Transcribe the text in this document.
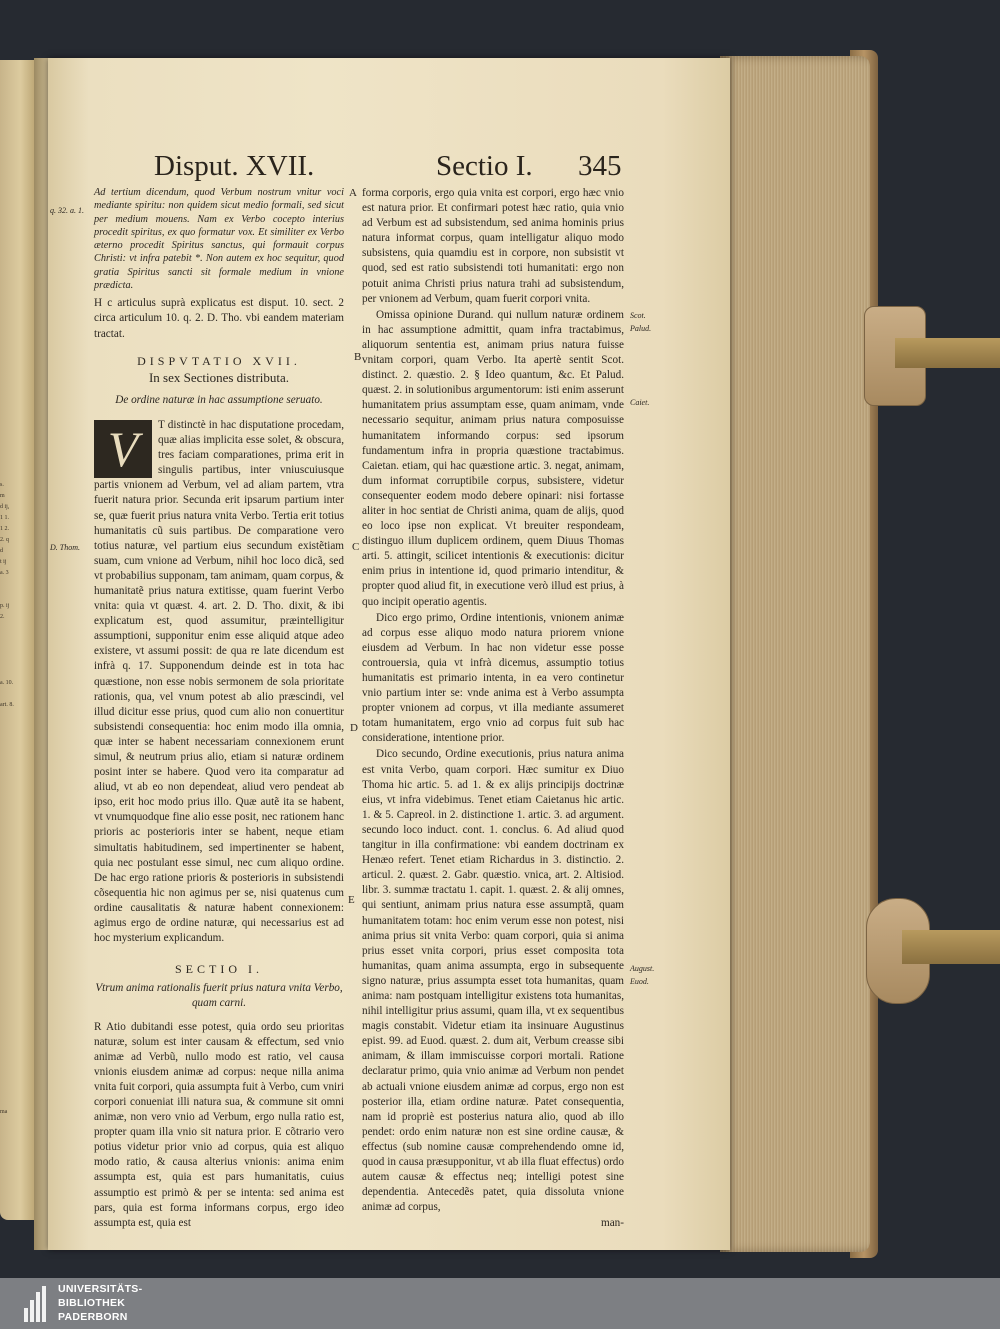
s.
m
d ij,
1 1.
1 2.
2. q
d
t ij
a. 3

p. ij
2.

a. 10.

art. 8.

ma
Disput. XVII.	Sectio I. 345

Ad tertium dicendum, quod Verbum nostrum vnitur voci mediante spiritu: non quidem sicut medio formali, sed sicut per medium mouens. Nam ex Verbo cocepto interius procedit spiritus, ex quo formatur vox. Et similiter ex Verbo æterno procedit Spiritus sanctus, qui formauit corpus Christi: vt infra patebit *. Non autem ex hoc sequitur, quod gratia Spiritus sancti sit formale medium in vnione prædicta.

H c articulus suprà explicatus est disput. 10. sect. 2 circa articulum 10. q. 2. D. Tho. vbi eandem materiam tractat.

DISPVTATIO XVII.

In sex Sectiones distributa.

De ordine naturæ in hac assumptione seruato.

V	T distinctè in hac disputatione procedam, quæ alias implicita esse solet, & obscura, tres faciam comparationes, prima erit in singulis partibus, inter vniuscuiusque partis vnionem ad Verbum, vel ad aliam partem, vtra fuerit natura prior. Secunda erit ipsarum partium inter se, quæ fuerit prius natura vnita Verbo. Tertia erit totius humanitatis cũ suis partibus. De comparatione vero totius naturæ, vel partium eius secundum existẽtiam suam, cum vnione ad Verbum, nihil hoc loco dicã, sed vt probabilius supponam, tam animam, quam corpus, & humanitatẽ prius natura extitisse, quam fuerint Verbo vnita: quia vt quæst. 4. art. 2. D. Tho. dixit, & ibi explicatum est, quod assumitur, præintelligitur assumptioni, supponitur enim esse aliquid atque adeo existere, vt assumi possit: de qua re late dicendum est infrà q. 17. Supponendum deinde est in tota hac quæstione, non esse nobis sermonem de sola prioritate rationis, qua, vel vnum potest ab alio præscindi, vel illud dicitur esse prius, quod cum alio non conuertitur subsistendi consequentia: hoc enim modo illa omnia, quæ inter se habent necessariam connexionem erunt simul, & neutrum prius alio, etiam si naturæ ordinem posint inter se habere. Quod vero ita comparatur ad aliud, vt ab eo non dependeat, aliud vero pendeat ab ipso, erit hoc modo prius illo. Quæ autẽ ita se habent, vt vnumquodque fine alio esse posit, nec rationem hanc prioris ac posterioris inter se habent, neque etiam simultatis habitudinem, sed impertinenter se habent, quia nec postulant esse simul, nec cum aliquo ordine. De hac ergo ratione prioris & posterioris in subsistendi cõsequentia hic non agimus per se, nisi quatenus cum ordine causalitatis & naturæ habent connexionem: agimus ergo de ordine naturæ, qui necessarius est ad hoc mysterium explicandum.

SECTIO I.

Vtrum anima rationalis fuerit prius natura vnita Verbo, quam carni.

R Atio dubitandi esse potest, quia ordo seu prioritas naturæ, solum est inter causam & effectum, sed vnio animæ ad Verbũ, nullo modo est ratio, vel causa vnionis eiusdem animæ ad corpus: neque nilla anima vnita fuit corpori, quia assumpta fuit à Verbo, cum vniri corpori conueniat illi natura sua, & commune sit omni animæ, non vero vnio ad Verbum, ergo nulla ratio est, propter quam illa vnio sit natura prior. E cõtrario vero potius videtur prior vnio ad corpus, quia est aliquo modo ratio, & causa alterius vnionis: anima enim assumpta est, quia est pars humanitatis, cuius assumptio est primò & per se intenta: sed anima est pars, quia est forma informans corpus, ergo ideo assumpta est, quia est

forma corporis, ergo quia vnita est corpori, ergo hæc vnio est natura prior. Et confirmari potest hæc ratio, quia vnio ad Verbum est ad subsistendum, sed anima hominis prius natura informat corpus, quam intelligatur aliquo modo subsistens, quia quamdiu est in corpore, non subsistit vt quod, sed est ratio subsistendi toti humanitati: ergo non potuit anima Christi prius natura trahi ad subsistendum, per vnionem ad Verbum, quam fuerit corpori vnita.

Omissa opinione Durand. qui nullum naturæ ordinem in hac assumptione admittit, quam infra tractabimus, aliquorum sententia est, animam prius natura fuisse vnitam corpori, quam Verbo. Ita apertè sentit Scot. distinct. 2. quæstio. 2. § Ideo quantum, &c. Et Palud. quæst. 2. in solutionibus argumentorum: isti enim asserunt humanitatem prius assumptam esse, quam animam, vnde necessario sequitur, animam prius natura composuisse humanitatem informando corpus: sed ipsorum fundamentum infra in propria quæstione tractabimus. Caietan. etiam, qui hac quæstione artic. 3. negat, animam, dum informat corruptibile corpus, subsistere, videtur consequenter eodem modo debere opinari: nisi fortasse aliter in hoc sentiat de Christi anima, quam de alijs, quod eo loco ipse non explicat. Vt breuiter respondeam, distinguo illum duplicem ordinem, quem Diuus Thomas arti. 5. attingit, scilicet intentionis & executionis: dicitur enim prius in intentione id, quod primario intenditur, & propter quod aliud fit, in executione verò illud est prius, à quo incipit operatio agentis.

Dico ergo primo, Ordine intentionis, vnionem animæ ad corpus esse aliquo modo natura priorem vnione eiusdem ad Verbum. In hac non videtur esse posse controuersia, quia vt infrà dicemus, assumptio totius humanitatis est primario intenta, in ea vero continetur vnio partium inter se: vnde anima est à Verbo assumpta propter vnionem ad corpus, vt illa mediante assumeret totam humanitatem, ergo vnio ad corpus fuit sub hac consideratione, intentione prior.

Dico secundo, Ordine executionis, prius natura anima est vnita Verbo, quam corpori. Hæc sumitur ex Diuo Thoma hic artic. 5. ad 1. & ex alijs principijs doctrinæ eius, vt infra videbimus. Tenet etiam Caietanus hic artic. 1. & 5. Capreol. in 2. distinctione 1. artic. 3. ad argument. secundo loco induct. cont. 1. conclus. 6. Ad aliud quod tangitur in illa confirmatione: vbi eandem doctrinam ex Henæo refert. Tenet etiam Richardus in 3. distinctio. 2. articul. 2. quæst. 2. Gabr. quæstio. vnica, art. 2. Altisiod. libr. 3. summæ tractatu 1. capit. 1. quæst. 2. & alij omnes, qui sentiunt, animam prius natura esse assumptã, quam humanitatem totam: hoc enim verum esse non potest, nisi anima prius sit vnita Verbo: quam corpori, quia si anima prius esset vnita corpori, prius esset composita tota humanitas, quam anima assumpta, ergo in subsequente signo naturæ, prius assumpta esset tota humanitas, quam anima: nam postquam intelligitur existens tota humanitas, nihil intelligitur prius assumi, quam illa, vt ex sequentibus magis constabit. Videtur etiam ita insinuare Augustinus epist. 99. ad Euod. quæst. 2. dum ait, Verbum creasse sibi animam, & illam immiscuisse corpori mortali. Ratione declaratur primo, quia vnio animæ ad Verbum non pendet ab actuali vnione eiusdem animæ ad corpus, ergo non est posterior illa, etiam ordine naturæ. Patet consequentia, nam id propriè est posterius natura alio, quod ab illo pendet: ordo enim naturæ non est sine ordine causæ, & effectus (sub nomine causæ comprehendendo omne id, quod in causa præsupponitur, vt ab illa fluat effectus) ordo autem causæ & effectus neq; intelligi potest sine dependentia. Antecedẽs patet, quia dissoluta vnione animæ ad corpus,

man-

A
B
C
D
E
q. 32. a. 1.
D. Thom.
Scot.
Palud.
Caiet.
August.
Euod.
UNIVERSITÄTS-
BIBLIOTHEK
PADERBORN
